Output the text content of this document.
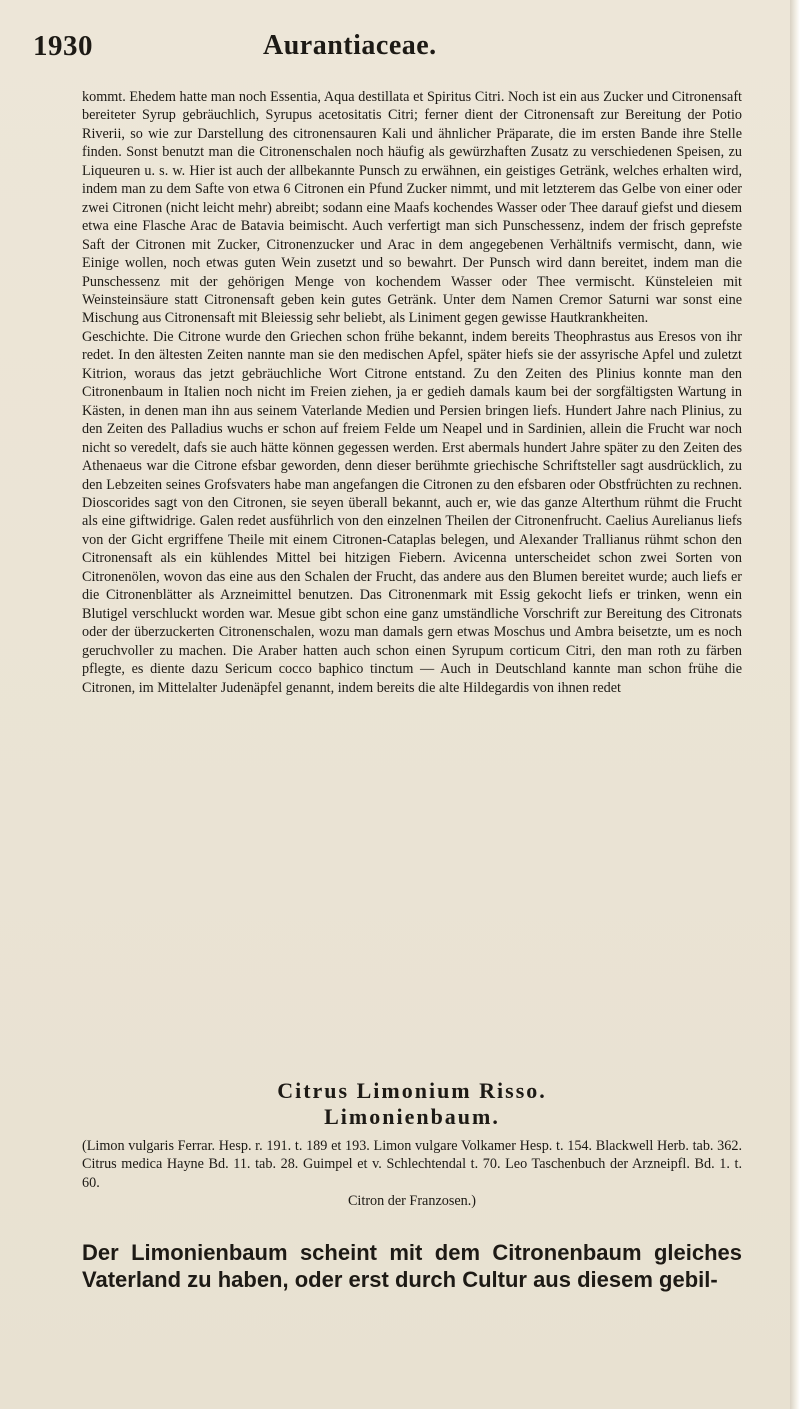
1930	Aurantiaceae.

kommt. Ehedem hatte man noch Essentia, Aqua destillata et Spiritus Citri. Noch ist ein aus Zucker und Citronensaft bereiteter Syrup gebräuchlich, Syrupus acetositatis Citri; ferner dient der Citronensaft zur Bereitung der Potio Riverii, so wie zur Darstellung des citronensauren Kali und ähnlicher Präparate, die im ersten Bande ihre Stelle finden. Sonst benutzt man die Citronenschalen noch häufig als gewürzhaften Zusatz zu verschiedenen Speisen, zu Liqueuren u. s. w. Hier ist auch der allbekannte Punsch zu erwähnen, ein geistiges Getränk, welches erhalten wird, indem man zu dem Safte von etwa 6 Citronen ein Pfund Zucker nimmt, und mit letzterem das Gelbe von einer oder zwei Citronen (nicht leicht mehr) abreibt; sodann eine Maafs kochendes Wasser oder Thee darauf giefst und diesem etwa eine Flasche Arac de Batavia beimischt. Auch verfertigt man sich Punschessenz, indem der frisch geprefste Saft der Citronen mit Zucker, Citronenzucker und Arac in dem angegebenen Verhältnifs vermischt, dann, wie Einige wollen, noch etwas guten Wein zusetzt und so bewahrt. Der Punsch wird dann bereitet, indem man die Punschessenz mit der gehörigen Menge von kochendem Wasser oder Thee vermischt. Künsteleien mit Weinsteinsäure statt Citronensaft geben kein gutes Getränk. Unter dem Namen Cremor Saturni war sonst eine Mischung aus Citronensaft mit Bleiessig sehr beliebt, als Liniment gegen gewisse Hautkrankheiten.

Geschichte. Die Citrone wurde den Griechen schon frühe bekannt, indem bereits Theophrastus aus Eresos von ihr redet. In den ältesten Zeiten nannte man sie den medischen Apfel, später hiefs sie der assyrische Apfel und zuletzt Kitrion, woraus das jetzt gebräuchliche Wort Citrone entstand. Zu den Zeiten des Plinius konnte man den Citronenbaum in Italien noch nicht im Freien ziehen, ja er gedieh damals kaum bei der sorgfältigsten Wartung in Kästen, in denen man ihn aus seinem Vaterlande Medien und Persien bringen liefs. Hundert Jahre nach Plinius, zu den Zeiten des Palladius wuchs er schon auf freiem Felde um Neapel und in Sardinien, allein die Frucht war noch nicht so veredelt, dafs sie auch hätte können gegessen werden. Erst abermals hundert Jahre später zu den Zeiten des Athenaeus war die Citrone efsbar geworden, denn dieser berühmte griechische Schriftsteller sagt ausdrücklich, zu den Lebzeiten seines Grofsvaters habe man angefangen die Citronen zu den efsbaren oder Obstfrüchten zu rechnen. Dioscorides sagt von den Citronen, sie seyen überall bekannt, auch er, wie das ganze Alterthum rühmt die Frucht als eine giftwidrige. Galen redet ausführlich von den einzelnen Theilen der Citronenfrucht. Caelius Aurelianus liefs von der Gicht ergriffene Theile mit einem Citronen-Cataplas belegen, und Alexander Trallianus rühmt schon den Citronensaft als ein kühlendes Mittel bei hitzigen Fiebern. Avicenna unterscheidet schon zwei Sorten von Citronenölen, wovon das eine aus den Schalen der Frucht, das andere aus den Blumen bereitet wurde; auch liefs er die Citronenblätter als Arzneimittel benutzen. Das Citronenmark mit Essig gekocht liefs er trinken, wenn ein Blutigel verschluckt worden war. Mesue gibt schon eine ganz umständliche Vorschrift zur Bereitung des Citronats oder der überzuckerten Citronenschalen, wozu man damals gern etwas Moschus und Ambra beisetzte, um es noch geruchvoller zu machen. Die Araber hatten auch schon einen Syrupum corticum Citri, den man roth zu färben pflegte, es diente dazu Sericum cocco baphico tinctum — Auch in Deutschland kannte man schon frühe die Citronen, im Mittelalter Judenäpfel genannt, indem bereits die alte Hildegardis von ihnen redet

Citrus Limonium Risso.
Limonienbaum.
(Limon vulgaris Ferrar. Hesp. r. 191. t. 189 et 193. Limon vulgare Volkamer Hesp. t. 154. Blackwell Herb. tab. 362. Citrus medica Hayne Bd. 11. tab. 28. Guimpel et v. Schlechtendal t. 70. Leo Taschenbuch der Arzneipfl. Bd. 1. t. 60.
Citron der Franzosen.)
Der Limonienbaum scheint mit dem Citronenbaum gleiches Vaterland zu haben, oder erst durch Cultur aus diesem gebil-
